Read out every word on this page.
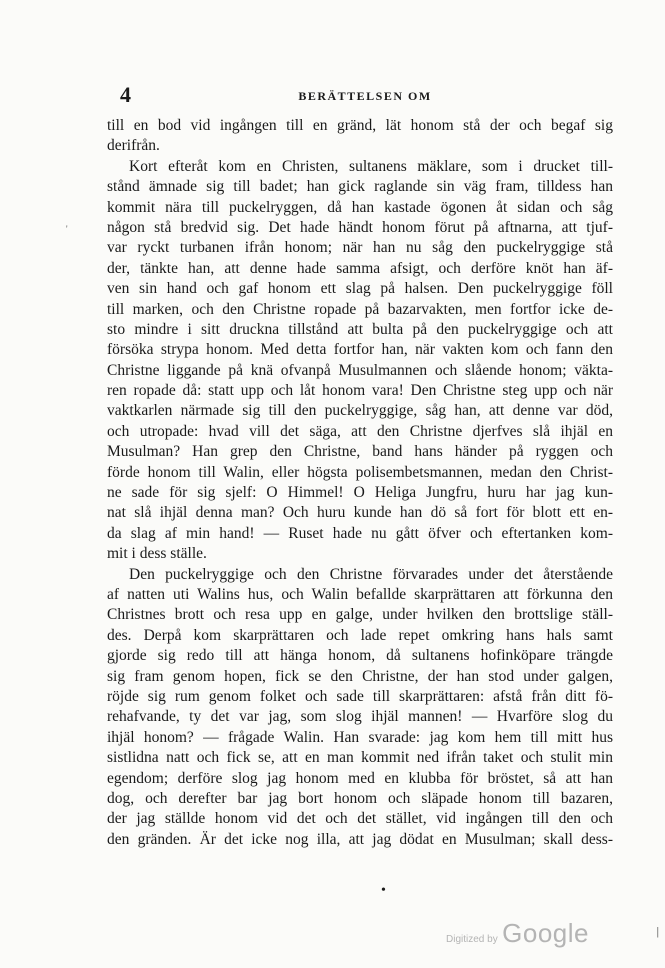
4	BERÄTTELSEN OM
'
till en bod vid ingången till en gränd, lät honom stå der och begaf sig
derifrån.
Kort efteråt kom en Christen, sultanens mäklare, som i drucket till-
stånd ämnade sig till badet; han gick raglande sin väg fram, tilldess han
kommit nära till puckelryggen, då han kastade ögonen åt sidan och såg
någon stå bredvid sig. Det hade händt honom förut på aftnarna, att tjuf-
var ryckt turbanen ifrån honom; när han nu såg den puckelryggige stå
der, tänkte han, att denne hade samma afsigt, och derföre knöt han äf-
ven sin hand och gaf honom ett slag på halsen. Den puckelryggige föll
till marken, och den Christne ropade på bazarvakten, men fortfor icke de-
sto mindre i sitt druckna tillstånd att bulta på den puckelryggige och att
försöka strypa honom. Med detta fortfor han, när vakten kom och fann den
Christne liggande på knä ofvanpå Musulmannen och slående honom; väkta-
ren ropade då: statt upp och låt honom vara! Den Christne steg upp och när
vaktkarlen närmade sig till den puckelryggige, såg han, att denne var död,
och utropade: hvad vill det säga, att den Christne djerfves slå ihjäl en
Musulman? Han grep den Christne, band hans händer på ryggen och
förde honom till Walin, eller högsta polisembetsmannen, medan den Christ-
ne sade för sig sjelf: O Himmel! O Heliga Jungfru, huru har jag kun-
nat slå ihjäl denna man? Och huru kunde han dö så fort för blott ett en-
da slag af min hand! — Ruset hade nu gått öfver och eftertanken kom-
mit i dess ställe.
Den puckelryggige och den Christne förvarades under det återstående
af natten uti Walins hus, och Walin befallde skarprättaren att förkunna den
Christnes brott och resa upp en galge, under hvilken den brottslige ställ-
des. Derpå kom skarprättaren och lade repet omkring hans hals samt
gjorde sig redo till att hänga honom, då sultanens hofinköpare trängde
sig fram genom hopen, fick se den Christne, der han stod under galgen,
röjde sig rum genom folket och sade till skarprättaren: afstå från ditt fö-
rehafvande, ty det var jag, som slog ihjäl mannen! — Hvarföre slog du
ihjäl honom? — frågade Walin. Han svarade: jag kom hem till mitt hus
sistlidna natt och fick se, att en man kommit ned ifrån taket och stulit min
egendom; derföre slog jag honom med en klubba för bröstet, så att han
dog, och derefter bar jag bort honom och släpade honom till bazaren,
der jag ställde honom vid det och det stället, vid ingången till den och
den gränden. Är det icke nog illa, att jag dödat en Musulman; skall dess-
•
Digitized by Google	|
